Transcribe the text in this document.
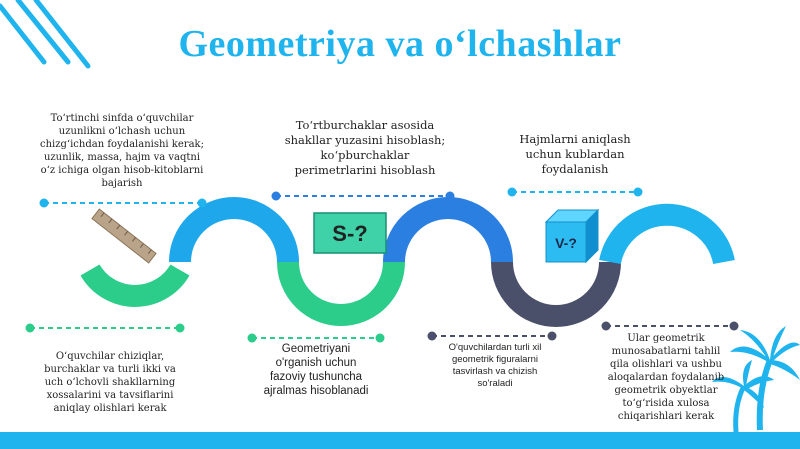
Geometriya va o‘lchashlar
S-?	V-?
To‘rtinchi sinfda o‘quvchilar
uzunlikni o‘lchash uchun
chizg‘ichdan foydalanishi kerak;
uzunlik, massa, hajm va vaqtni
o‘z ichiga olgan hisob-kitoblarni
bajarish
To‘rtburchaklar asosida
shakllar yuzasini hisoblash;
ko‘pburchaklar
perimetrlarini hisoblash
Hajmlarni aniqlash
uchun kublardan
foydalanish
O‘quvchilar chiziqlar,
burchaklar va turli ikki va
uch o‘lchovli shakllarning
xossalarini va tavsiflarini
aniqlay olishlari kerak
Geometriyani
o'rganish uchun
fazoviy tushuncha
ajralmas hisoblanadi
O'quvchilardan turli xil
geometrik figuralarni
tasvirlash va chizish
so'raladi
Ular geometrik
munosabatlarni tahlil
qila olishlari va ushbu
aloqalardan foydalanib
geometrik obyektlar
to‘g‘risida xulosa
chiqarishlari kerak
